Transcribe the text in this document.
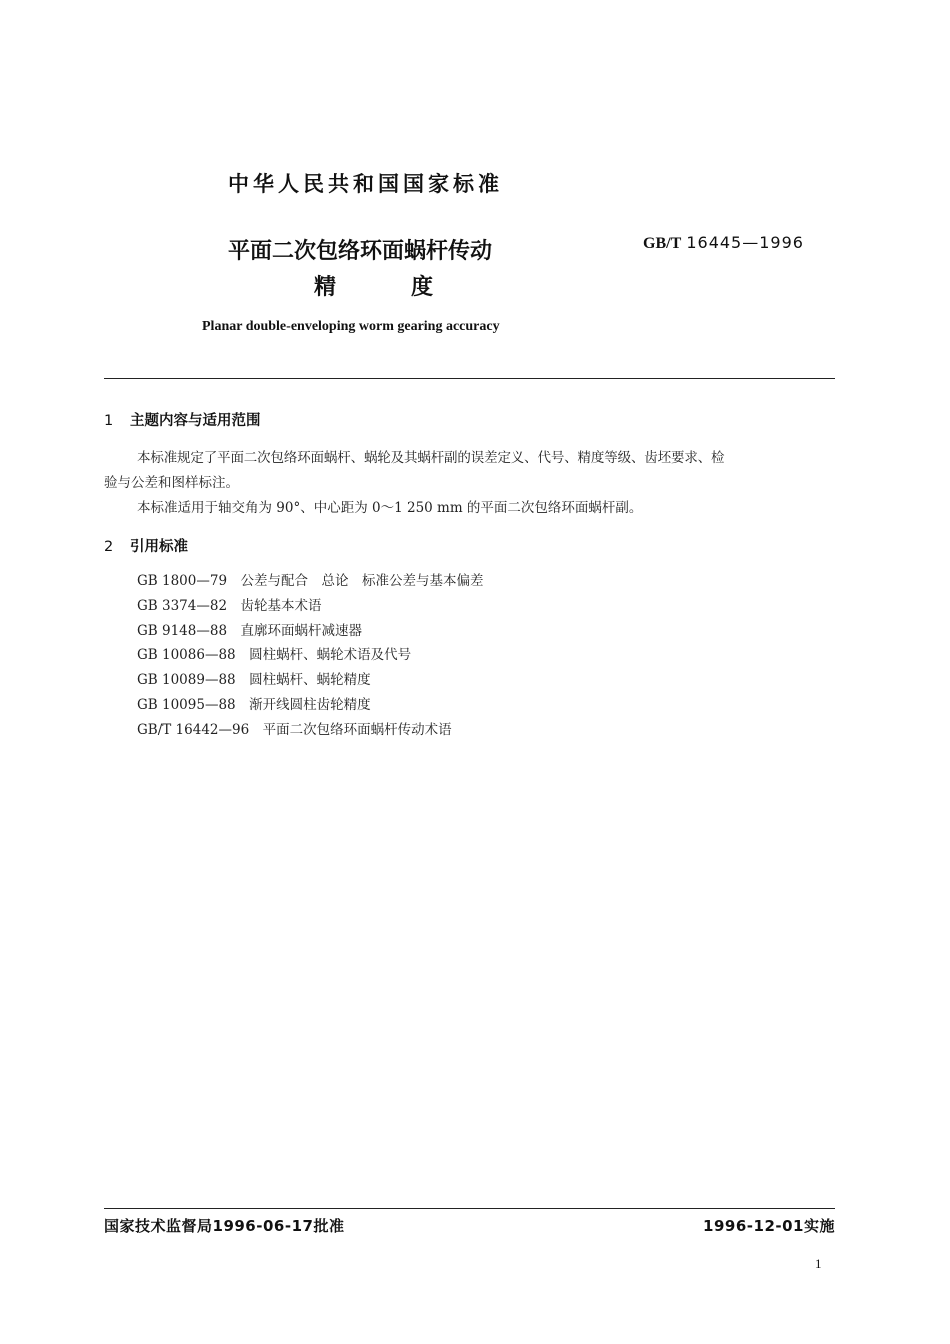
中华人民共和国国家标准
平面二次包络环面蜗杆传动
精	度
GB/T 16445—1996
Planar double-enveloping worm gearing accuracy
1 主题内容与适用范围
本标准规定了平面二次包络环面蜗杆、蜗轮及其蜗杆副的误差定义、代号、精度等级、齿坯要求、检
验与公差和图样标注。
本标准适用于轴交角为 90°、中心距为 0～1 250 mm 的平面二次包络环面蜗杆副。
2 引用标准
GB 1800—79　公差与配合　总论　标准公差与基本偏差
GB 3374—82　齿轮基本术语
GB 9148—88　直廓环面蜗杆减速器
GB 10086—88　圆柱蜗杆、蜗轮术语及代号
GB 10089—88　圆柱蜗杆、蜗轮精度
GB 10095—88　渐开线圆柱齿轮精度
GB/T 16442—96　平面二次包络环面蜗杆传动术语
国家技术监督局1996-06-17批准	1996-12-01实施
1
